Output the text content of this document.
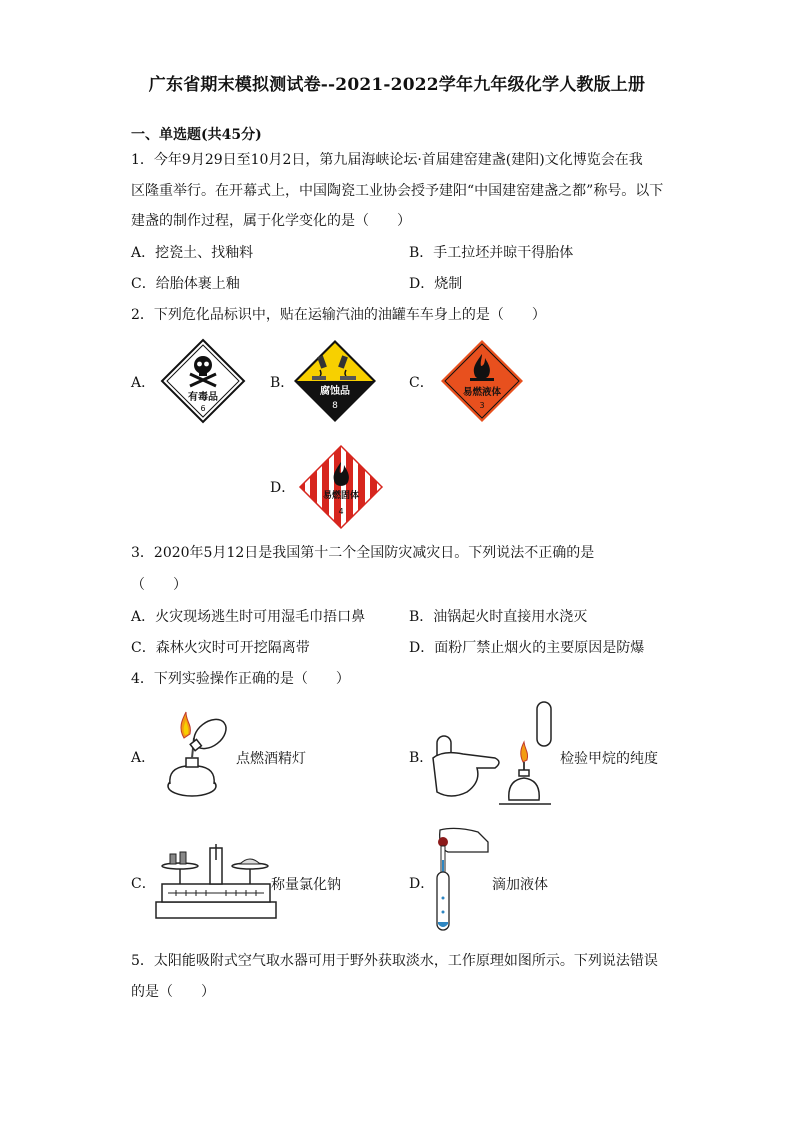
广东省期末模拟测试卷--2021-2022学年九年级化学人教版上册
一、单选题(共45分)
1．今年9月29日至10月2日，第九届海峡论坛·首届建窑建盏(建阳)文化博览会在我
区隆重举行。在开幕式上，中国陶瓷工业协会授予建阳“中国建窑建盏之都”称号。以下
建盏的制作过程，属于化学变化的是（　　）
A．挖瓷土、找釉料	B．手工拉坯并晾干得胎体
C．给胎体裹上釉	D．烧制
2．下列危化品标识中，贴在运输汽油的油罐车车身上的是（　　）
A．
有毒品
6
B．
腐蚀品
8
C．
易燃液体
3
D．	易燃固体
4
3．2020年5月12日是我国第十二个全国防灾减灾日。下列说法不正确的是
（　　）
A．火灾现场逃生时可用湿毛巾捂口鼻	B．油锅起火时直接用水浇灭
C．森林火灾时可开挖隔离带	D．面粉厂禁止烟火的主要原因是防爆
4．下列实验操作正确的是（　　）
A．	点燃酒精灯	B．	检验甲烷的纯度
C．	称量氯化钠	D．	滴加液体
5．太阳能吸附式空气取水器可用于野外获取淡水，工作原理如图所示。下列说法错误
的是（　　）
